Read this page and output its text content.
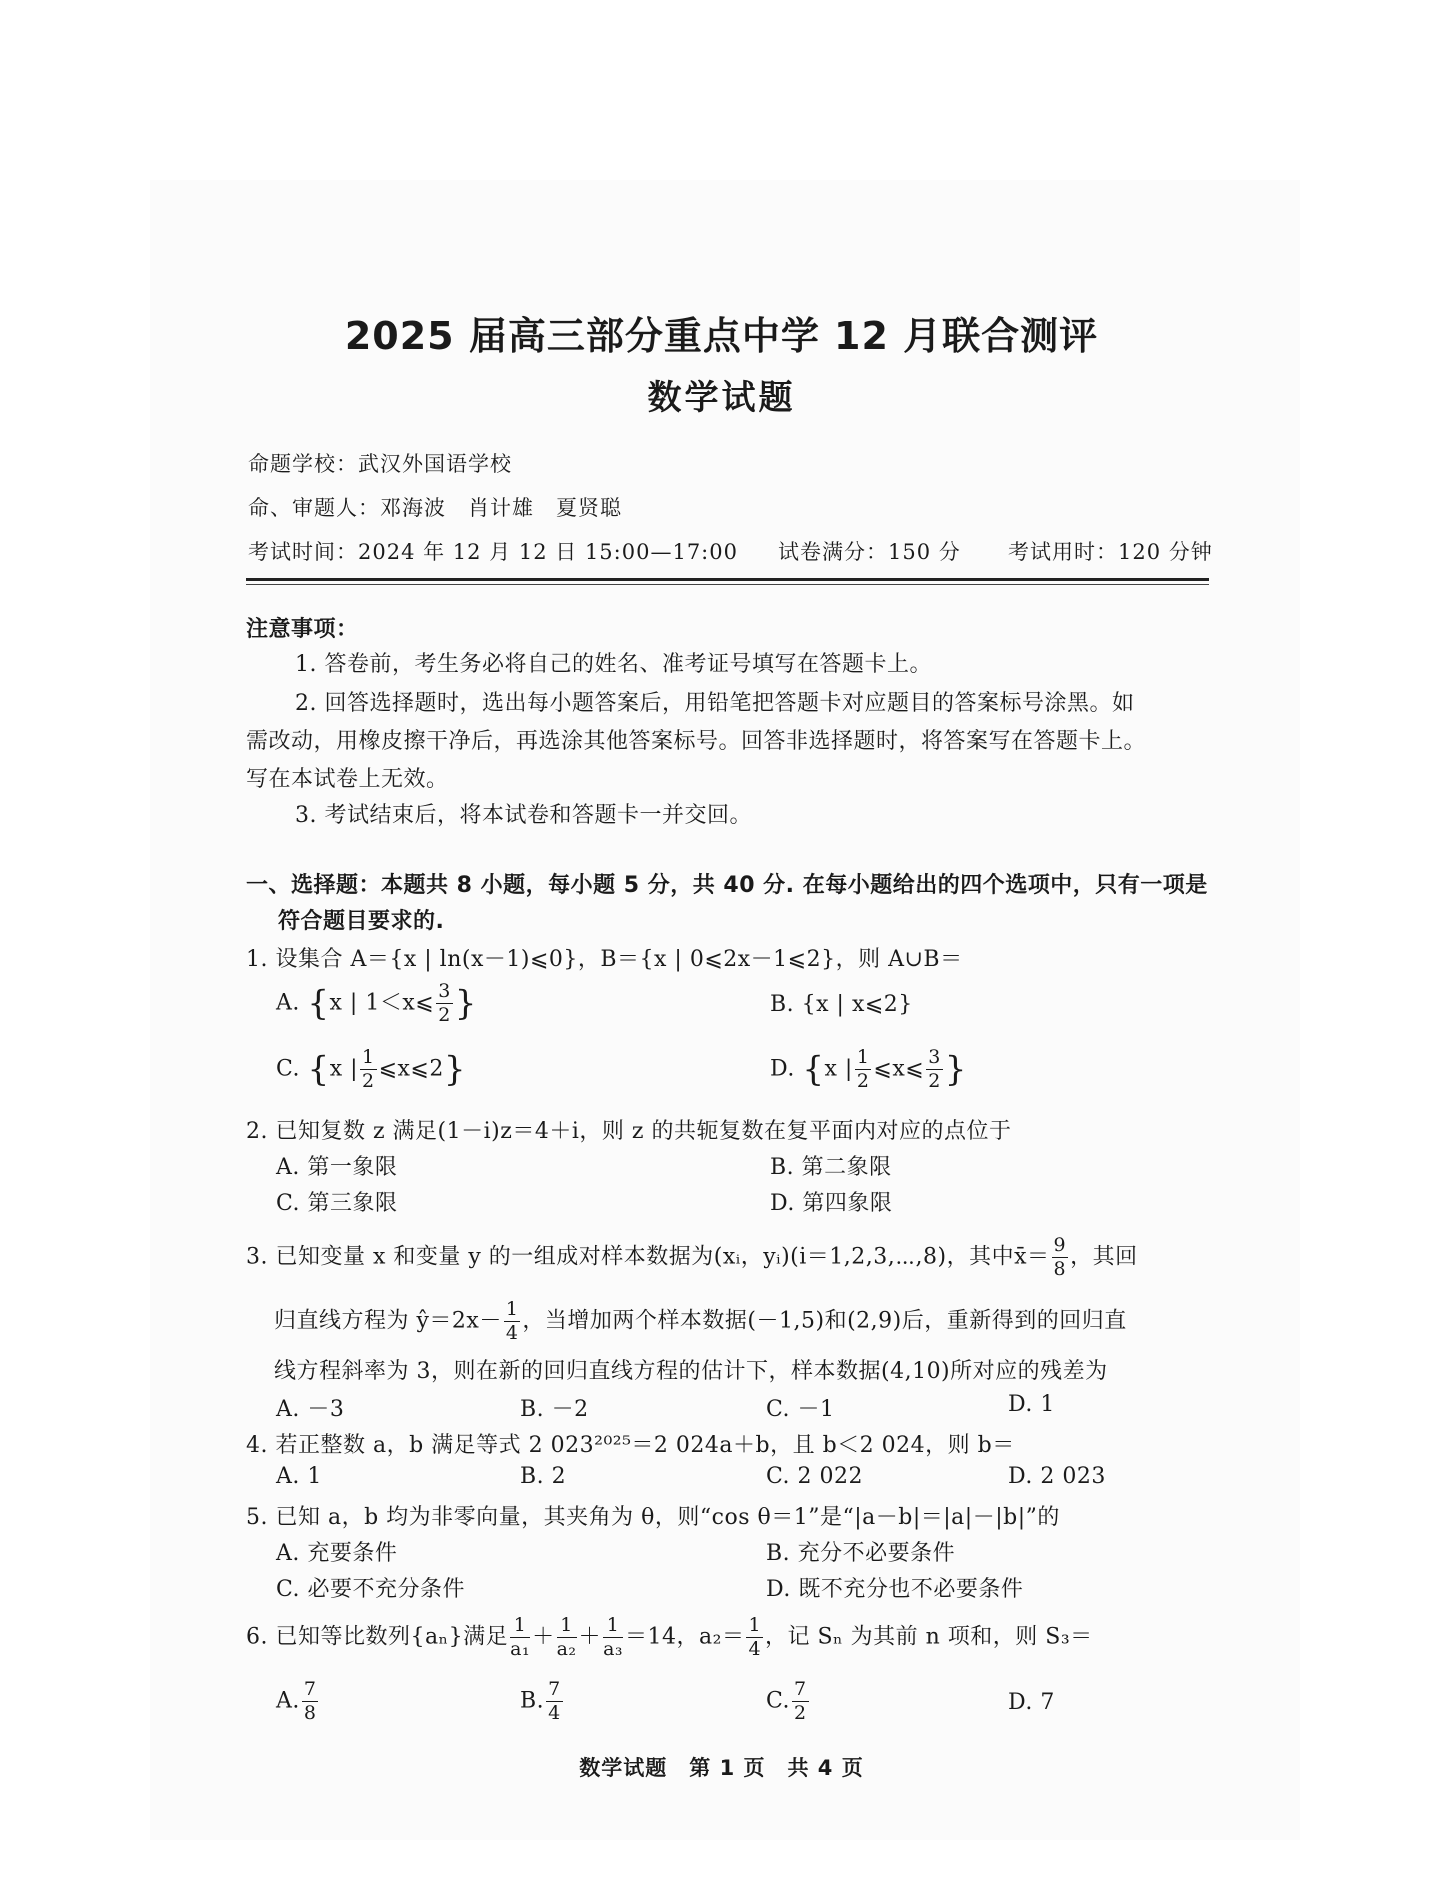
2025 届高三部分重点中学 12 月联合测评
数学试题
命题学校：武汉外国语学校
命、审题人：邓海波　肖计雄　夏贤聪
考试时间：2024 年 12 月 12 日 15:00—17:00 试卷满分：150 分 考试用时：120 分钟
注意事项：
1. 答卷前，考生务必将自己的姓名、准考证号填写在答题卡上。
2. 回答选择题时，选出每小题答案后，用铅笔把答题卡对应题目的答案标号涂黑。如
需改动，用橡皮擦干净后，再选涂其他答案标号。回答非选择题时，将答案写在答题卡上。
写在本试卷上无效。
3. 考试结束后，将本试卷和答题卡一并交回。
一、选择题：本题共 8 小题，每小题 5 分，共 40 分. 在每小题给出的四个选项中，只有一项是
符合题目要求的.
1. 设集合 A＝{x | ln(x－1)⩽0}，B＝{x | 0⩽2x－1⩽2}，则 A∪B＝
A. {x | 1＜x⩽ $\frac{3}{2}$ }	B. {x | x⩽2}
C. {x | $\frac{1}{2}$ ⩽x⩽2}	D. {x | $\frac{1}{2}$ ⩽x⩽ $\frac{3}{2}$ }
2. 已知复数 z 满足(1－i)z＝4＋i，则 z 的共轭复数在复平面内对应的点位于
A. 第一象限	B. 第二象限
C. 第三象限	D. 第四象限
3. 已知变量 x 和变量 y 的一组成对样本数据为(xᵢ，yᵢ)(i＝1,2,3,⋯,8)，其中x̄＝ $\frac{9}{8}$ ，其回
归直线方程为 ŷ＝2x－ $\frac{1}{4}$ ，当增加两个样本数据(－1,5)和(2,9)后，重新得到的回归直
线方程斜率为 3，则在新的回归直线方程的估计下，样本数据(4,10)所对应的残差为
A. －3	B. －2	C. －1	D. 1
4. 若正整数 a，b 满足等式 2 023²⁰²⁵＝2 024a＋b，且 b＜2 024，则 b＝
A. 1	B. 2	C. 2 022	D. 2 023
5. 已知 a，b 均为非零向量，其夹角为 θ，则“cos θ＝1”是“|a－b|＝|a|－|b|”的
A. 充要条件	B. 充分不必要条件
C. 必要不充分条件	D. 既不充分也不必要条件
6. 已知等比数列{aₙ}满足 $\frac{1}{\text{a₁}} + \frac{1}{\text{a₂}} + \frac{1}{\text{a₃}} =14$，$a_2= \frac{1}{4}$ ，记 Sₙ 为其前 n 项和，则 S₃＝
A. $\frac{7}{8}$	B. $\frac{7}{4}$	C. $\frac{7}{2}$	D. 7
数学试题　第 1 页　共 4 页
